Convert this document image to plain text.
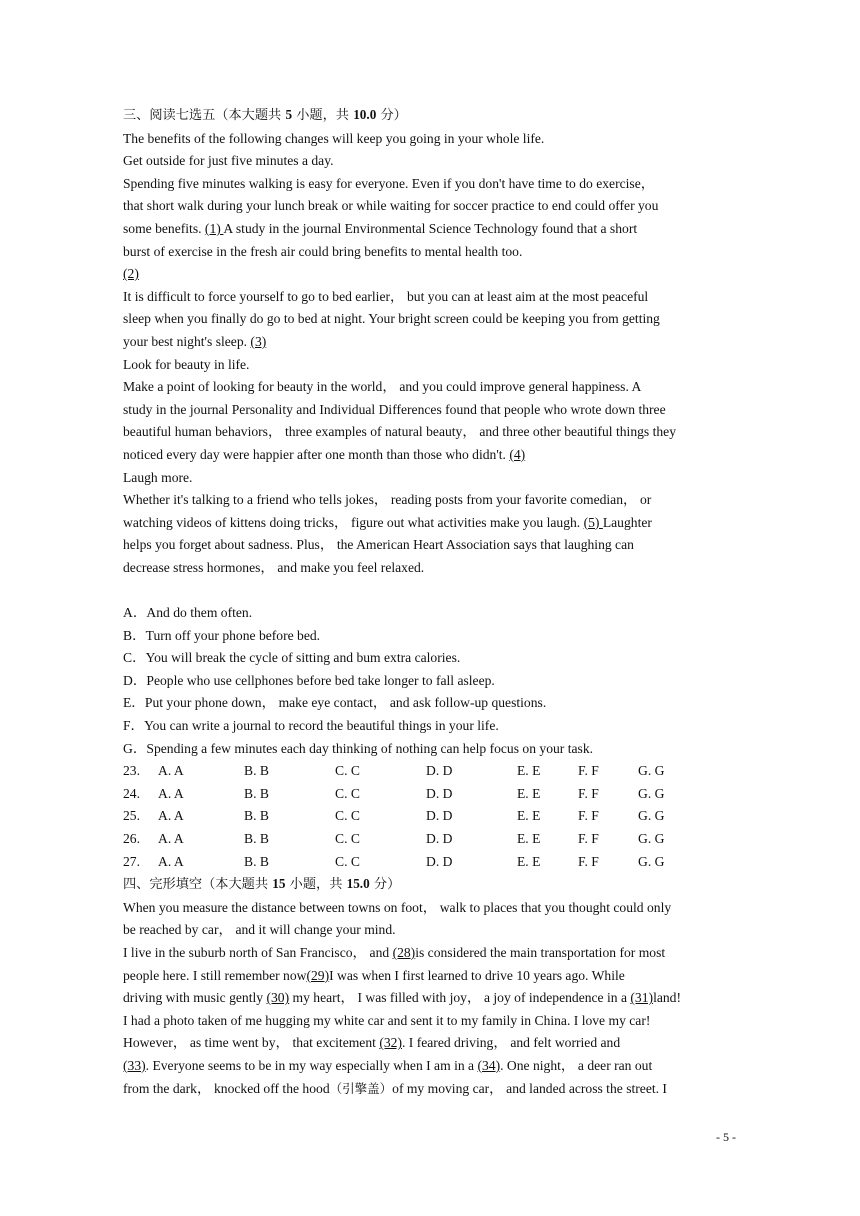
三、阅读七选五（本大题共 5 小题，共 10.0 分）
The benefits of the following changes will keep you going in your whole life.
Get outside for just five minutes a day.
Spending five minutes walking is easy for everyone. Even if you don't have time to do exercise，
that short walk during your lunch break or while waiting for soccer practice to end could offer you
some benefits. (1) A study in the journal Environmental Science Technology found that a short
burst of exercise in the fresh air could bring benefits to mental health too.
(2)
It is difficult to force yourself to go to bed earlier， but you can at least aim at the most peaceful
sleep when you finally do go to bed at night. Your bright screen could be keeping you from getting
your best night's sleep. (3)
Look for beauty in life.
Make a point of looking for beauty in the world， and you could improve general happiness. A
study in the journal Personality and Individual Differences found that people who wrote down three
beautiful human behaviors， three examples of natural beauty， and three other beautiful things they
noticed every day were happier after one month than those who didn't. (4)
Laugh more.
Whether it's talking to a friend who tells jokes， reading posts from your favorite comedian， or
watching videos of kittens doing tricks， figure out what activities make you laugh. (5) Laughter
helps you forget about sadness. Plus， the American Heart Association says that laughing can
decrease stress hormones， and make you feel relaxed.
A．And do them often.
B．Turn off your phone before bed.
C．You will break the cycle of sitting and bum extra calories.
D．People who use cellphones before bed take longer to fall asleep.
E．Put your phone down， make eye contact， and ask follow-up questions.
F．You can write a journal to record the beautiful things in your life.
G．Spending a few minutes each day thinking of nothing can help focus on your task.
23. A. A	B. B	C. C	D. D	E. E	F. F	G. G
24. A. A	B. B	C. C	D. D	E. E	F. F	G. G
25. A. A	B. B	C. C	D. D	E. E	F. F	G. G
26. A. A	B. B	C. C	D. D	E. E	F. F	G. G
27. A. A	B. B	C. C	D. D	E. E	F. F	G. G
四、完形填空（本大题共 15 小题，共 15.0 分）
When you measure the distance between towns on foot， walk to places that you thought could only
be reached by car， and it will change your mind.
I live in the suburb north of San Francisco， and (28)is considered the main transportation for most
people here. I still remember now(29)I was when I first learned to drive 10 years ago. While
driving with music gently (30) my heart， I was filled with joy， a joy of independence in a (31)land!
I had a photo taken of me hugging my white car and sent it to my family in China. I love my car!
However， as time went by， that excitement (32). I feared driving， and felt worried and
(33). Everyone seems to be in my way especially when I am in a (34). One night， a deer ran out
from the dark， knocked off the hood（引擎盖）of my moving car， and landed across the street. I
- 5 -
